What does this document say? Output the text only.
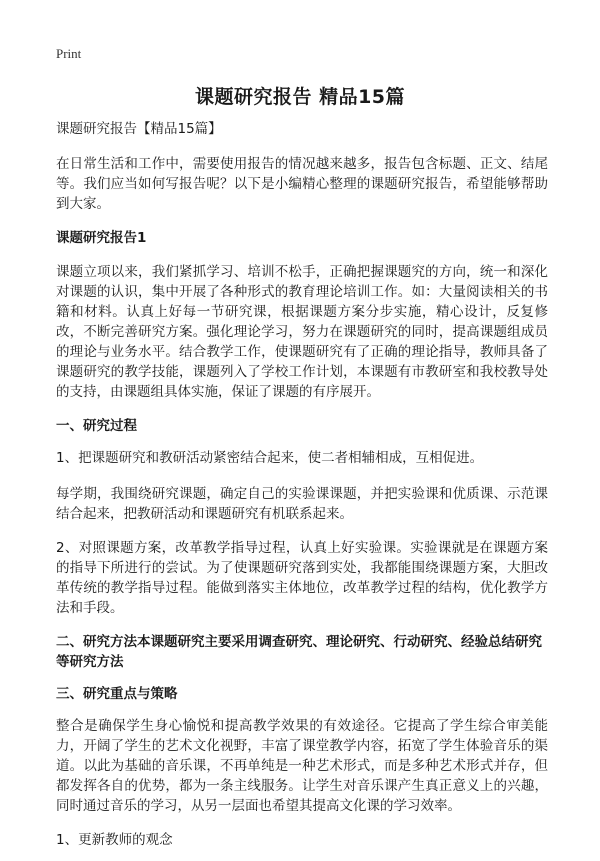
Print
课题研究报告 精品15篇

课题研究报告【精品15篇】

在日常生活和工作中，需要使用报告的情况越来越多，报告包含标题、正文、结尾等。我们应当如何写报告呢？以下是小编精心整理的课题研究报告，希望能够帮助到大家。

课题研究报告1

课题立项以来，我们紧抓学习、培训不松手，正确把握课题究的方向，统一和深化对课题的认识，集中开展了各种形式的教育理论培训工作。如：大量阅读相关的书籍和材料。认真上好每一节研究课，根据课题方案分步实施，精心设计，反复修改，不断完善研究方案。强化理论学习，努力在课题研究的同时，提高课题组成员的理论与业务水平。结合教学工作，使课题研究有了正确的理论指导，教师具备了课题研究的教学技能，课题列入了学校工作计划，本课题有市教研室和我校教导处的支持，由课题组具体实施，保证了课题的有序展开。

一、研究过程

1、把课题研究和教研活动紧密结合起来，使二者相辅相成，互相促进。

每学期，我围绕研究课题，确定自己的实验课课题，并把实验课和优质课、示范课结合起来，把教研活动和课题研究有机联系起来。

2、对照课题方案，改革教学指导过程，认真上好实验课。实验课就是在课题方案的指导下所进行的尝试。为了使课题研究落到实处，我都能围绕课题方案，大胆改革传统的教学指导过程。能做到落实主体地位，改革教学过程的结构，优化教学方法和手段。

二、研究方法本课题研究主要采用调查研究、理论研究、行动研究、经验总结研究等研究方法

三、研究重点与策略

整合是确保学生身心愉悦和提高教学效果的有效途径。它提高了学生综合审美能力，开阔了学生的艺术文化视野，丰富了课堂教学内容，拓宽了学生体验音乐的渠道。以此为基础的音乐课，不再单纯是一种艺术形式，而是多种艺术形式并存，但都发挥各自的优势，都为一条主线服务。让学生对音乐课产生真正意义上的兴趣，同时通过音乐的学习，从另一层面也希望其提高文化课的学习效率。

1、更新教师的观念
